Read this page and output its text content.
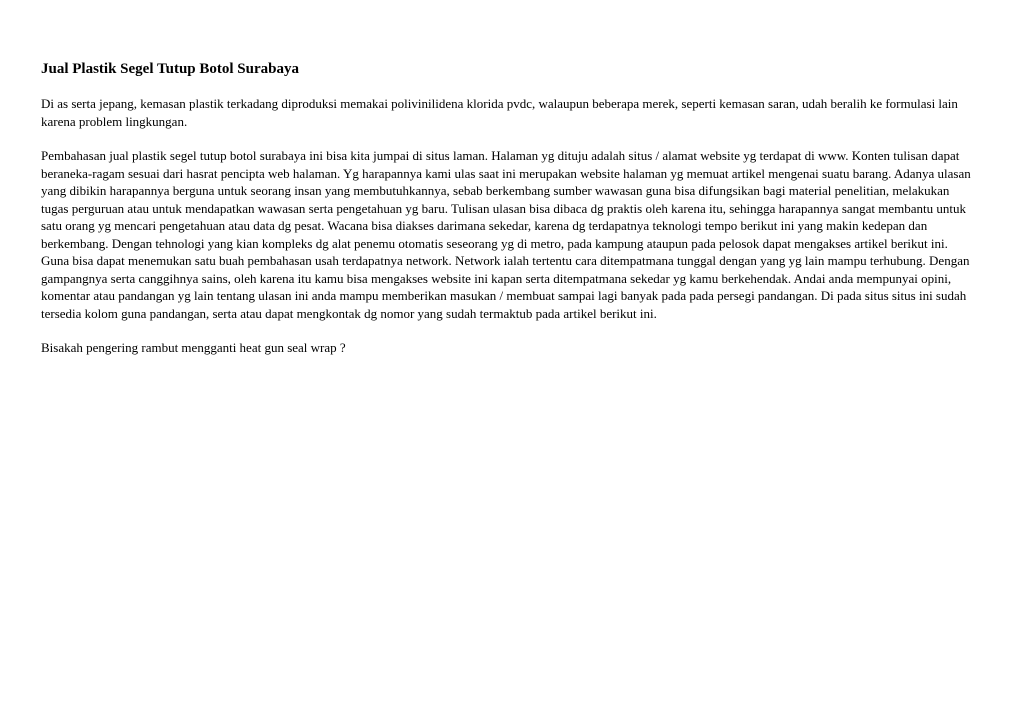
Jual Plastik Segel Tutup Botol Surabaya

Di as serta jepang, kemasan plastik terkadang diproduksi memakai polivinilidena klorida pvdc, walaupun beberapa merek, seperti kemasan saran, udah beralih ke formulasi lain karena problem lingkungan.

Pembahasan jual plastik segel tutup botol surabaya ini bisa kita jumpai di situs laman. Halaman yg dituju adalah situs / alamat website yg terdapat di www. Konten tulisan dapat beraneka-ragam sesuai dari hasrat pencipta web halaman. Yg harapannya kami ulas saat ini merupakan website halaman yg memuat artikel mengenai suatu barang. Adanya ulasan yang dibikin harapannya berguna untuk seorang insan yang membutuhkannya, sebab berkembang sumber wawasan guna bisa difungsikan bagi material penelitian, melakukan tugas perguruan atau untuk mendapatkan wawasan serta pengetahuan yg baru. Tulisan ulasan bisa dibaca dg praktis oleh karena itu, sehingga harapannya sangat membantu untuk satu orang yg mencari pengetahuan atau data dg pesat. Wacana bisa diakses darimana sekedar, karena dg terdapatnya teknologi tempo berikut ini yang makin kedepan dan berkembang. Dengan tehnologi yang kian kompleks dg alat penemu otomatis seseorang yg di metro, pada kampung ataupun pada pelosok dapat mengakses artikel berikut ini. Guna bisa dapat menemukan satu buah pembahasan usah terdapatnya network. Network ialah tertentu cara ditempatmana tunggal dengan yang yg lain mampu terhubung. Dengan gampangnya serta canggihnya sains, oleh karena itu kamu bisa mengakses website ini kapan serta ditempatmana sekedar yg kamu berkehendak. Andai anda mempunyai opini, komentar atau pandangan yg lain tentang ulasan ini anda mampu memberikan masukan / membuat sampai lagi banyak pada pada persegi pandangan. Di pada situs situs ini sudah tersedia kolom guna pandangan, serta atau dapat mengkontak dg nomor yang sudah termaktub pada artikel berikut ini.

Bisakah pengering rambut mengganti heat gun seal wrap ?
